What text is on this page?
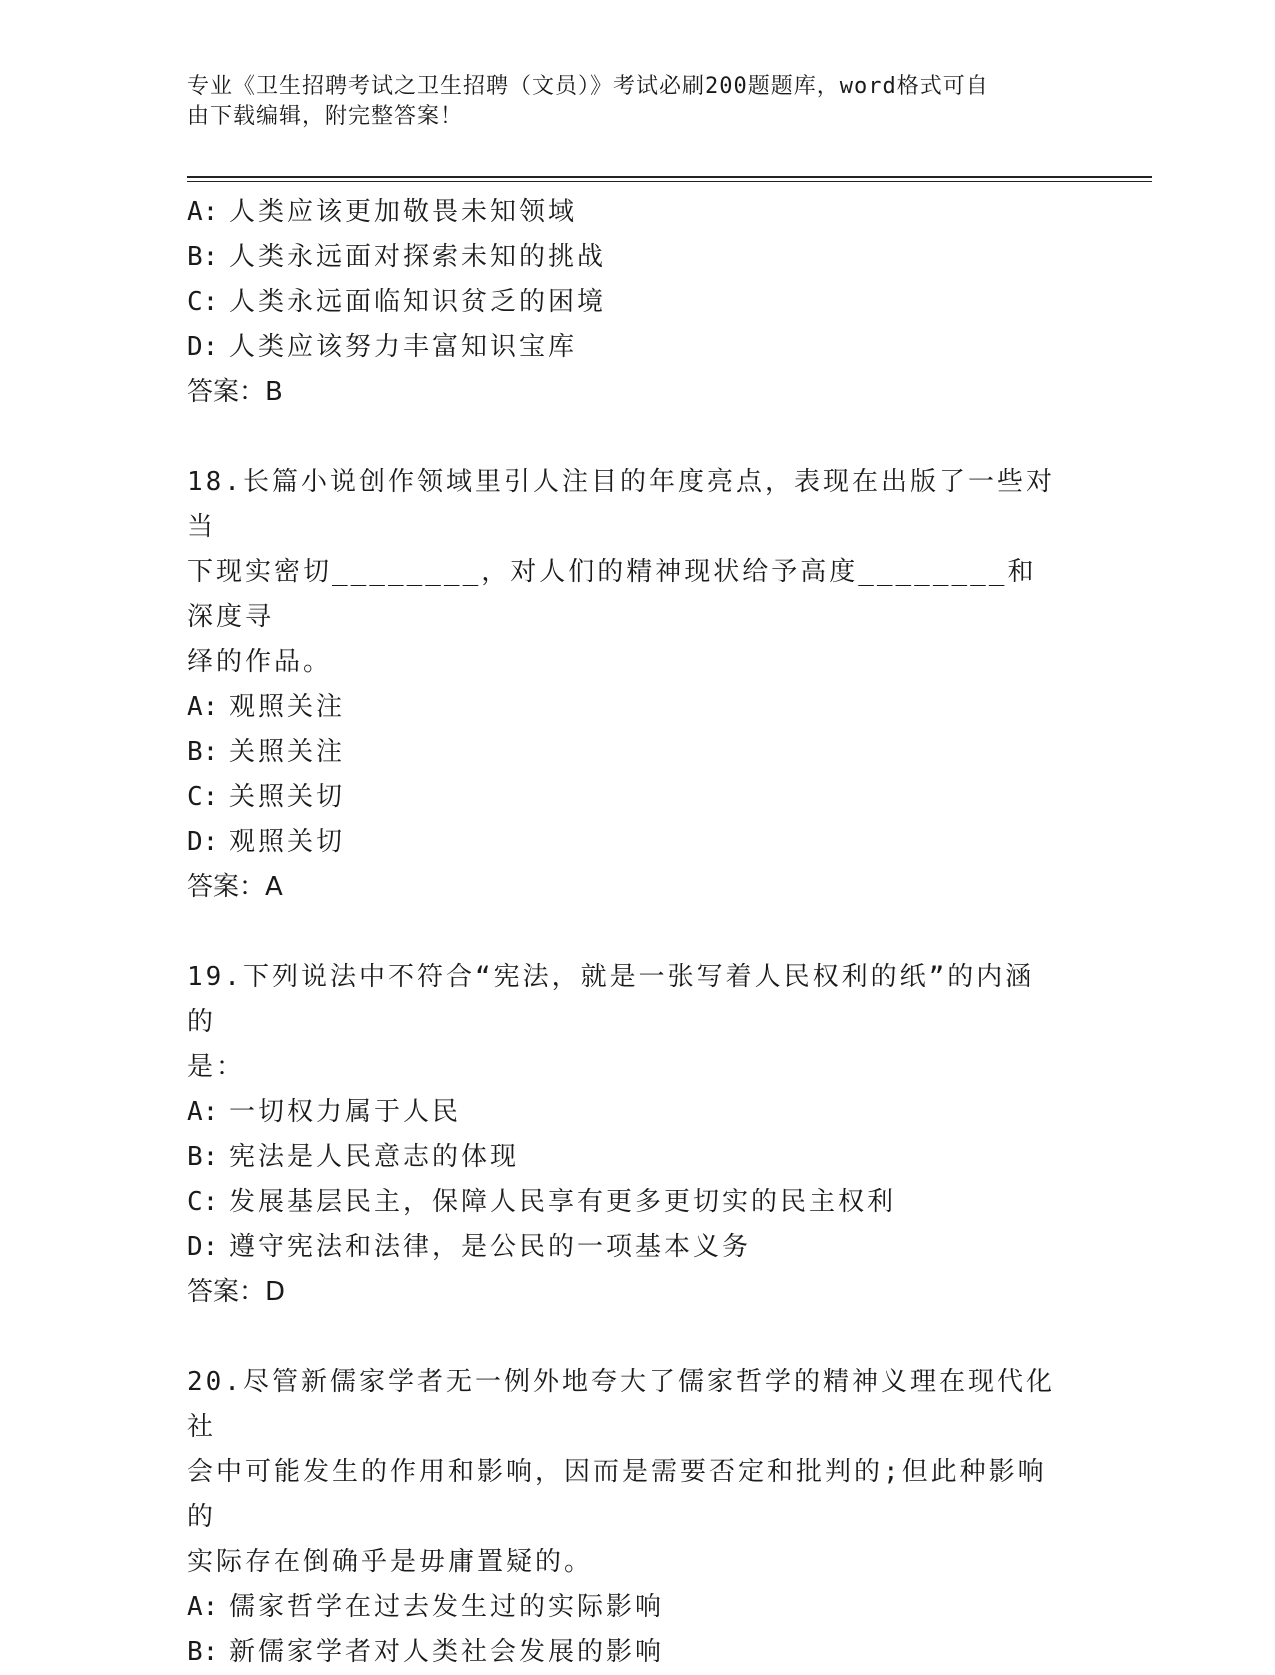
专业《卫生招聘考试之卫生招聘（文员）》考试必刷200题题库，word格式可自
由下载编辑，附完整答案！
A: 人类应该更加敬畏未知领域
B: 人类永远面对探索未知的挑战
C: 人类永远面临知识贫乏的困境
D: 人类应该努力丰富知识宝库
答案：B
18.长篇小说创作领域里引人注目的年度亮点，表现在出版了一些对当
下现实密切________，对人们的精神现状给予高度________和深度寻
绎的作品。
A: 观照关注
B: 关照关注
C: 关照关切
D: 观照关切
答案：A
19.下列说法中不符合“宪法，就是一张写着人民权利的纸”的内涵的
是：
A: 一切权力属于人民
B: 宪法是人民意志的体现
C: 发展基层民主，保障人民享有更多更切实的民主权利
D: 遵守宪法和法律，是公民的一项基本义务
答案：D
20.尽管新儒家学者无一例外地夸大了儒家哲学的精神义理在现代化社
会中可能发生的作用和影响，因而是需要否定和批判的;但此种影响的
实际存在倒确乎是毋庸置疑的。
A: 儒家哲学在过去发生过的实际影响
B: 新儒家学者对人类社会发展的影响
